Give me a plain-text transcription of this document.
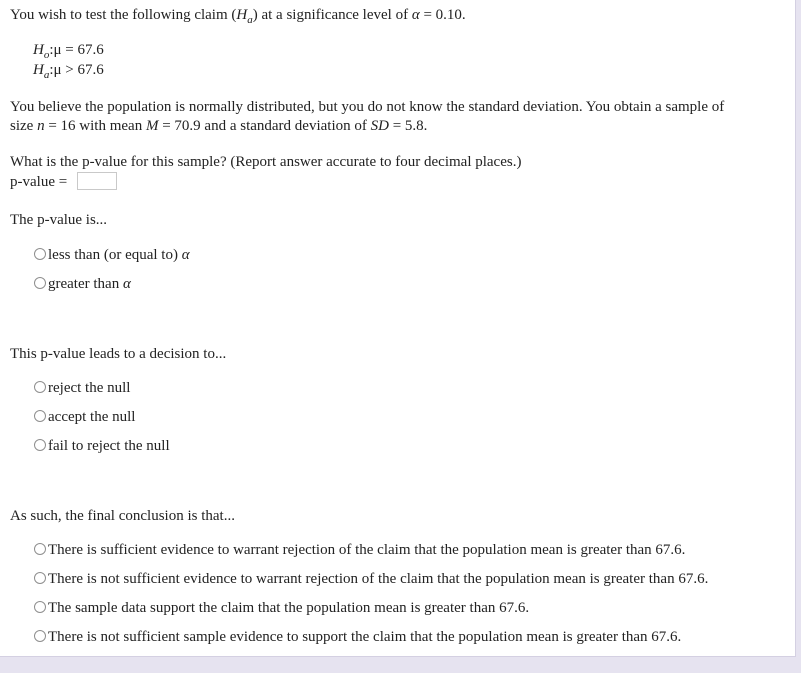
You wish to test the following claim $(H_a)$ at a significance level of α = 0.10.
$H_o:\mu = 67.6$
$H_a:\mu > 67.6$
You believe the population is normally distributed, but you do not know the standard deviation. You obtain a sample of
size n = 16 with mean M = 70.9 and a standard deviation of SD = 5.8.
What is the p-value for this sample? (Report answer accurate to four decimal places.)
p-value =
The p-value is...
less than (or equal to) α
greater than α
This p-value leads to a decision to...
reject the null
accept the null
fail to reject the null
As such, the final conclusion is that...
There is sufficient evidence to warrant rejection of the claim that the population mean is greater than 67.6.
There is not sufficient evidence to warrant rejection of the claim that the population mean is greater than 67.6.
The sample data support the claim that the population mean is greater than 67.6.
There is not sufficient sample evidence to support the claim that the population mean is greater than 67.6.
